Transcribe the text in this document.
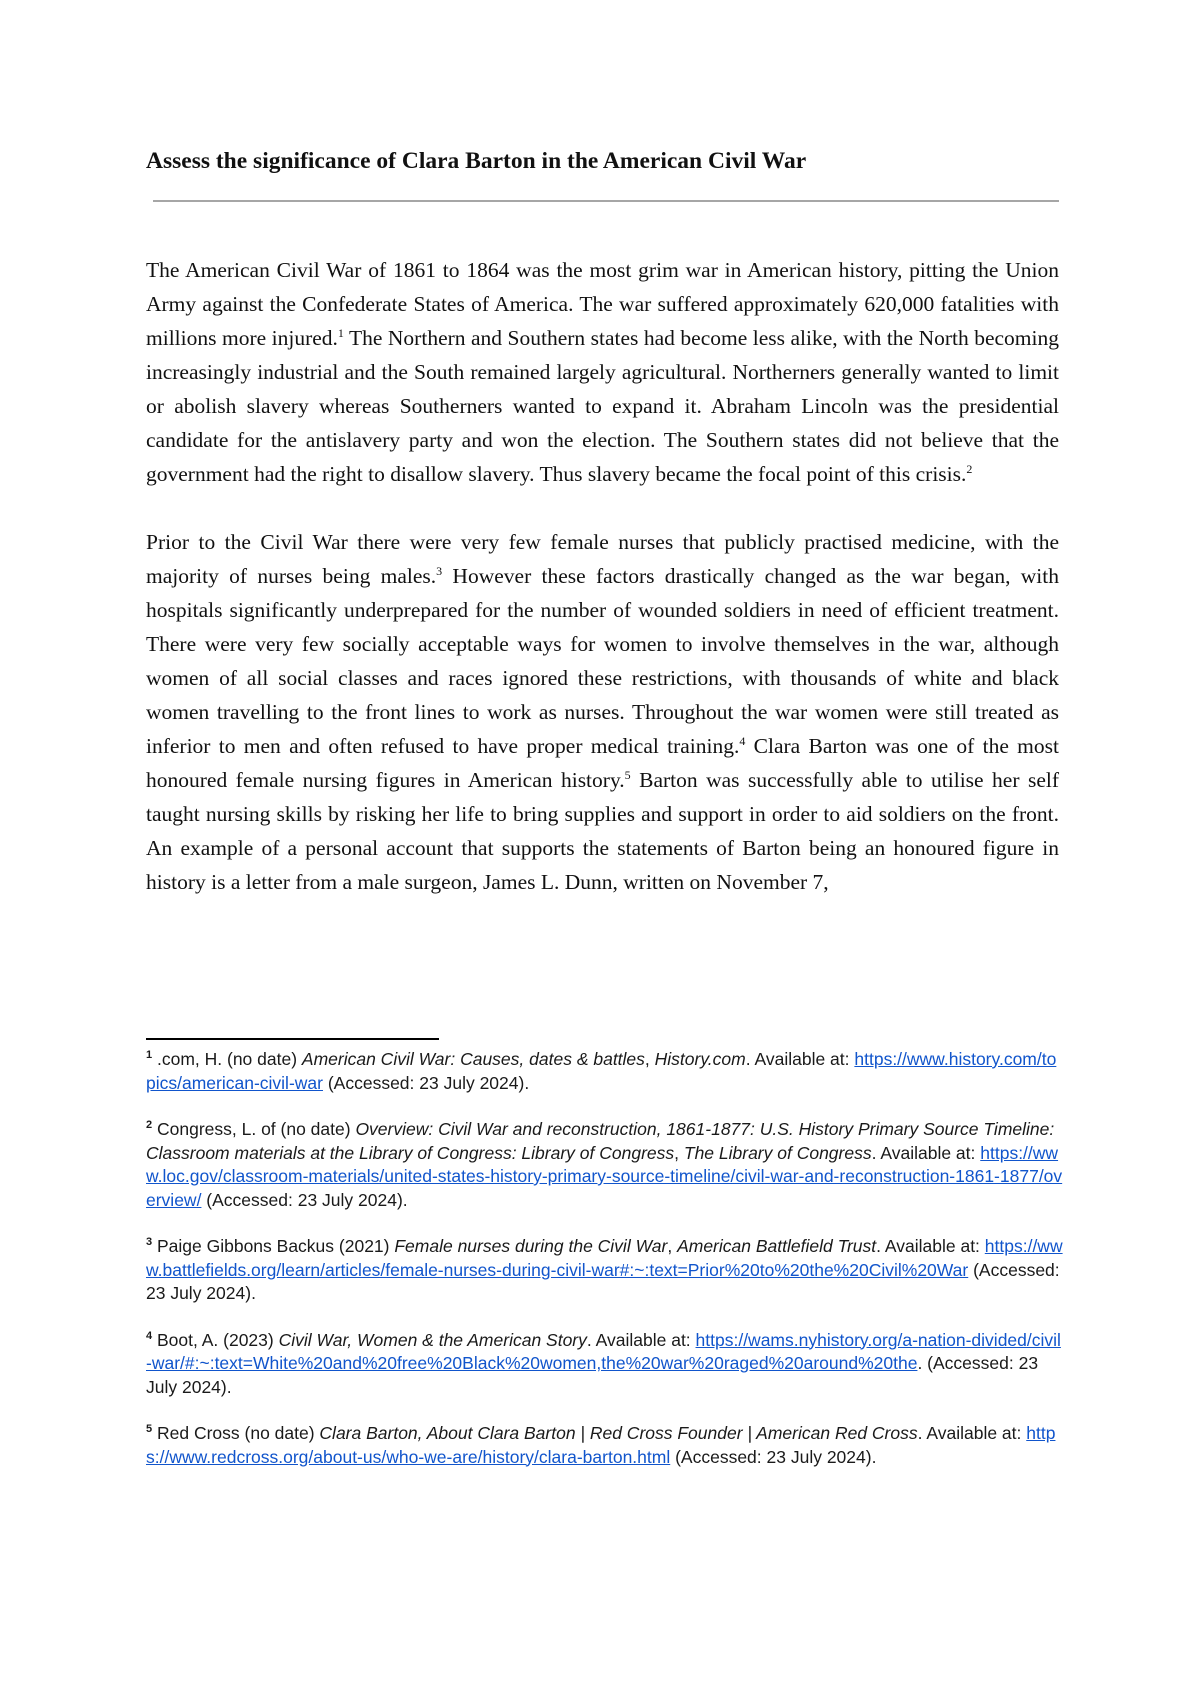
Assess the significance of Clara Barton in the American Civil War

The American Civil War of 1861 to 1864 was the most grim war in American history, pitting the Union Army against the Confederate States of America. The war suffered approximately 620,000 fatalities with millions more injured.$^1$ The Northern and Southern states had become less alike, with the North becoming increasingly industrial and the South remained largely agricultural. Northerners generally wanted to limit or abolish slavery whereas Southerners wanted to expand it. Abraham Lincoln was the presidential candidate for the antislavery party and won the election. The Southern states did not believe that the government had the right to disallow slavery. Thus slavery became the focal point of this crisis.$^2$

Prior to the Civil War there were very few female nurses that publicly practised medicine, with the majority of nurses being males.$^3$ However these factors drastically changed as the war began, with hospitals significantly underprepared for the number of wounded soldiers in need of efficient treatment. There were very few socially acceptable ways for women to involve themselves in the war, although women of all social classes and races ignored these restrictions, with thousands of white and black women travelling to the front lines to work as nurses. Throughout the war women were still treated as inferior to men and often refused to have proper medical training.$^4$ Clara Barton was one of the most honoured female nursing figures in American history.$^5$ Barton was successfully able to utilise her self taught nursing skills by risking her life to bring supplies and support in order to aid soldiers on the front. An example of a personal account that supports the statements of Barton being an honoured figure in history is a letter from a male surgeon, James L. Dunn, written on November 7,

$^1$ .com, H. (no date) American Civil War: Causes, dates & battles, History.com. Available at: https://www.history.com/topics/american-civil-war (Accessed: 23 July 2024).
$^2$ Congress, L. of (no date) Overview: Civil War and reconstruction, 1861-1877: U.S. History Primary Source Timeline: Classroom materials at the Library of Congress: Library of Congress, The Library of Congress. Available at: https://www.loc.gov/classroom-materials/united-states-history-primary-source-timeline/civil-war-and-reconstruction-1861-1877/overview/ (Accessed: 23 July 2024).
$^3$ Paige Gibbons Backus (2021) Female nurses during the Civil War, American Battlefield Trust. Available at: https://www.battlefields.org/learn/articles/female-nurses-during-civil-war#:~:text=Prior%20to%20the%20Civil%20War (Accessed: 23 July 2024).
$^4$ Boot, A. (2023) Civil War, Women & the American Story. Available at: https://wams.nyhistory.org/a-nation-divided/civil-war/#:~:text=White%20and%20free%20Black%20women,the%20war%20raged%20around%20the. (Accessed: 23 July 2024).
$^5$ Red Cross (no date) Clara Barton, About Clara Barton | Red Cross Founder | American Red Cross. Available at: https://www.redcross.org/about-us/who-we-are/history/clara-barton.html (Accessed: 23 July 2024).
